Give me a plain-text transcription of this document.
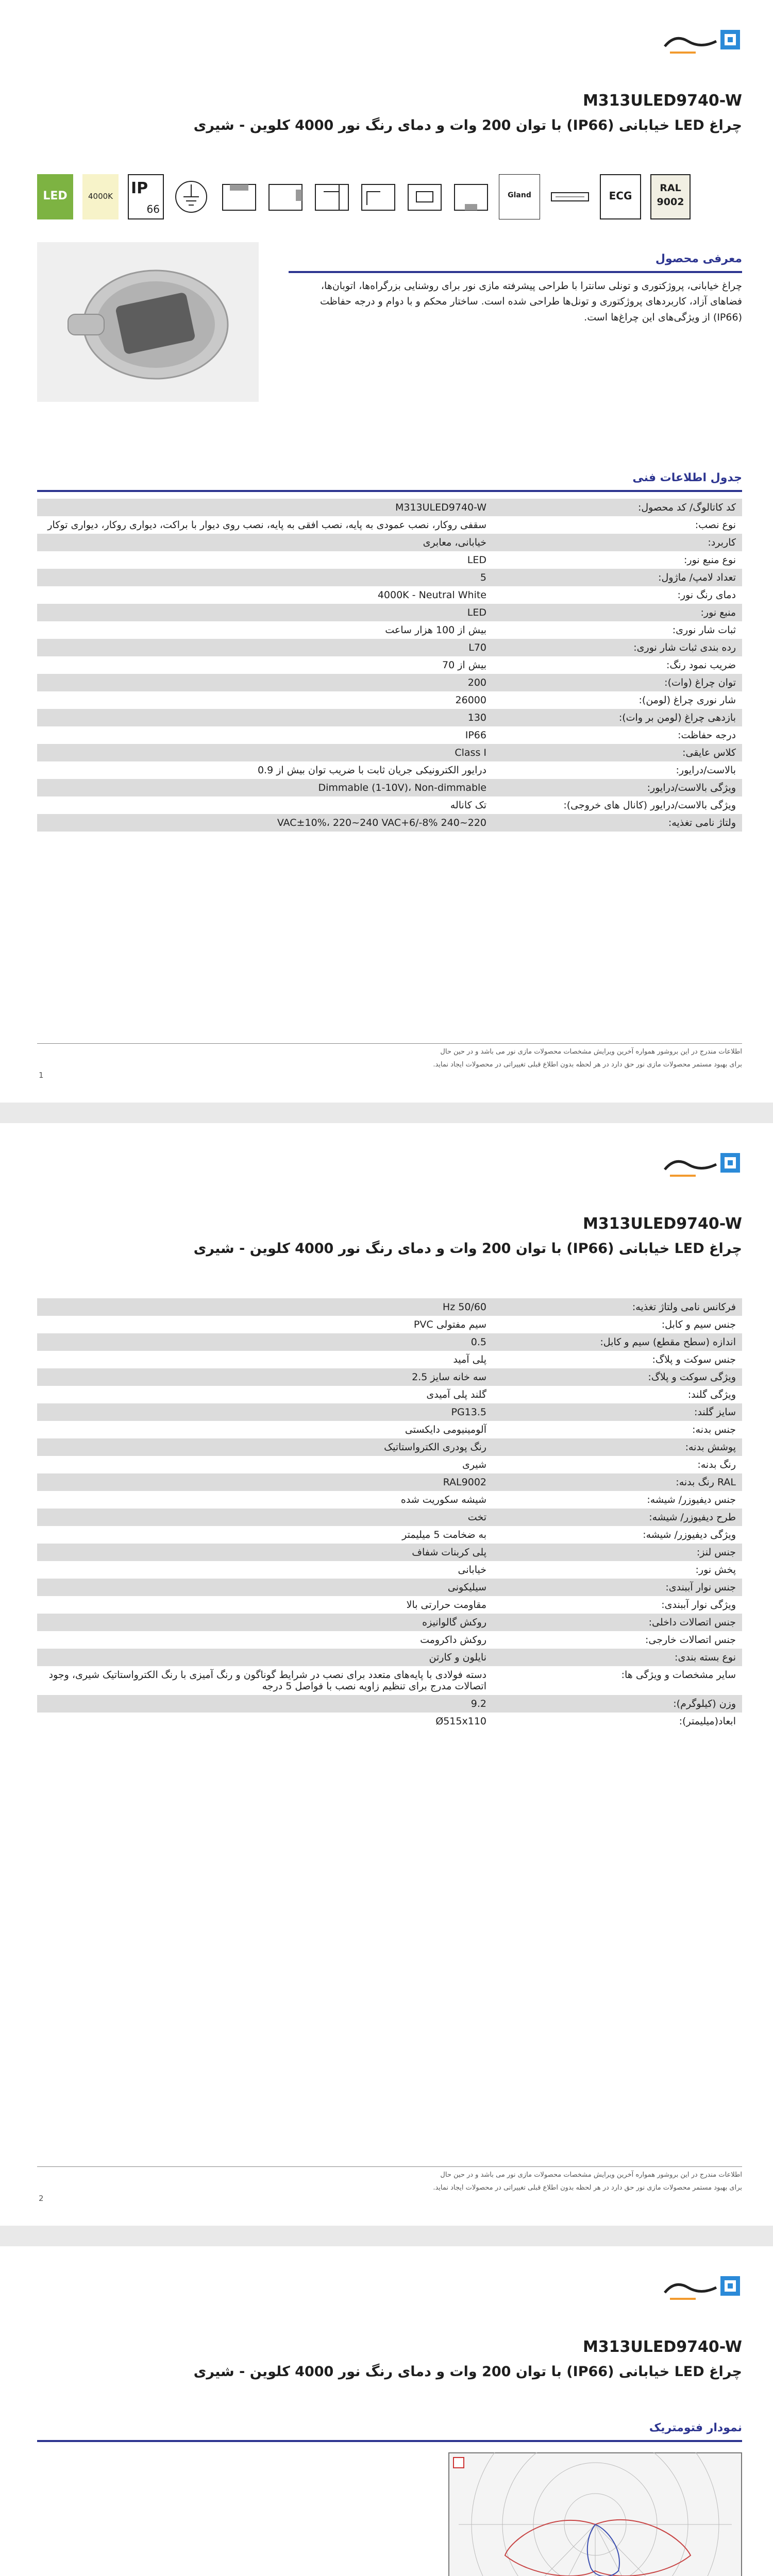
M313ULED9740-W
چراغ LED خیابانی (IP66) با توان 200 وات و دمای رنگ نور 4000 کلوین - شیری
LED	4000K	IP
66
Gland	ECG
RAL
9002
معرفی محصول
چراغ خیابانی، پروژکتوری و تونلی سانترا با طراحی پیشرفته مازی نور برای روشنایی بزرگراه‌ها، اتوبان‌ها، فضاهای آزاد، کاربردهای پروژکتوری و تونل‌ها طراحی شده است. ساختار محکم و با دوام و درجه حفاظت (IP66) از ویژگی‌های این چراغ‌ها است.
جدول اطلاعات فنی
کد کاتالوگ/ کد محصول:	M313ULED9740-W
نوع نصب:	سقفی روکار، نصب عمودی به پایه، نصب افقی به پایه، نصب روی دیوار با براکت، دیواری روکار، دیواری توکار
کاربرد:	خیابانی، معابری
نوع منبع نور:	LED
تعداد لامپ/ ماژول:	5
دمای رنگ نور:	4000K - Neutral White
منبع نور:	LED
ثبات شار نوری:	بیش از 100 هزار ساعت
رده بندی ثبات شار نوری:	L70
ضریب نمود رنگ:	بیش از 70
توان چراغ (وات):	200
شار نوری چراغ (لومن):	26000
بازدهی چراغ (لومن بر وات):	130
درجه حفاظت:	IP66
کلاس عایقی:	Class I
بالاست/درایور:	درایور الکترونیکی جریان ثابت با ضریب توان بیش از 0.9
ویژگی بالاست/درایور:	Dimmable (1-10V)، Non-dimmable
ویژگی بالاست/درایور (کانال های خروجی):	تک کاناله
ولتاژ نامی تغذیه:	220~240 VAC±10%، 220~240 VAC+6/-8%
اطلاعات مندرج در این بروشور همواره آخرین ویرایش مشخصات محصولات مازی نور می باشد و در حین حال
برای بهبود مستمر محصولات مازی نور حق دارد در هر لحظه بدون اطلاع قبلی تغییراتی در محصولات ایجاد نماید.
1
M313ULED9740-W
چراغ LED خیابانی (IP66) با توان 200 وات و دمای رنگ نور 4000 کلوین - شیری
فرکانس نامی ولتاژ تغذیه:	50/60 Hz
جنس سیم و کابل:	سیم مفتولی PVC
اندازه (سطح مقطع) سیم و کابل:	0.5
جنس سوکت و پلاگ:	پلی آمید
ویژگی سوکت و پلاگ:	سه خانه سایز 2.5
ویژگی گلند:	گلند پلی آمیدی
سایز گلند:	PG13.5
جنس بدنه:	آلومینیومی دایکستی
پوشش بدنه:	رنگ پودری الکترواستاتیک
رنگ بدنه:	شیری
RAL رنگ بدنه:	RAL9002
جنس دیفیوزر/ شیشه:	شیشه سکوریت شده
طرح دیفیوزر/ شیشه:	تخت
ویژگی دیفیوزر/ شیشه:	به ضخامت 5 میلیمتر
جنس لنز:	پلی کربنات شفاف
پخش نور:	خیابانی
جنس نوار آببندی:	سیلیکونی
ویژگی نوار آببندی:	مقاومت حرارتی بالا
جنس اتصالات داخلی:	روکش گالوانیزه
جنس اتصالات خارجی:	روکش داکرومت
نوع بسته بندی:	نایلون و کارتن
سایر مشخصات و ویژگی ها:	دسته فولادی با پایه‌های متعدد برای نصب در شرایط گوناگون و رنگ آمیزی با رنگ الکترواستاتیک شیری، وجود اتصالات مدرج برای تنظیم زاویه نصب با فواصل 5 درجه
وزن (کیلوگرم):	9.2
ابعاد(میلیمتر):	Ø515x110
اطلاعات مندرج در این بروشور همواره آخرین ویرایش مشخصات محصولات مازی نور می باشد و در حین حال
برای بهبود مستمر محصولات مازی نور حق دارد در هر لحظه بدون اطلاع قبلی تغییراتی در محصولات ایجاد نماید.
2
M313ULED9740-W
چراغ LED خیابانی (IP66) با توان 200 وات و دمای رنگ نور 4000 کلوین - شیری
نمودار فتومتریک
